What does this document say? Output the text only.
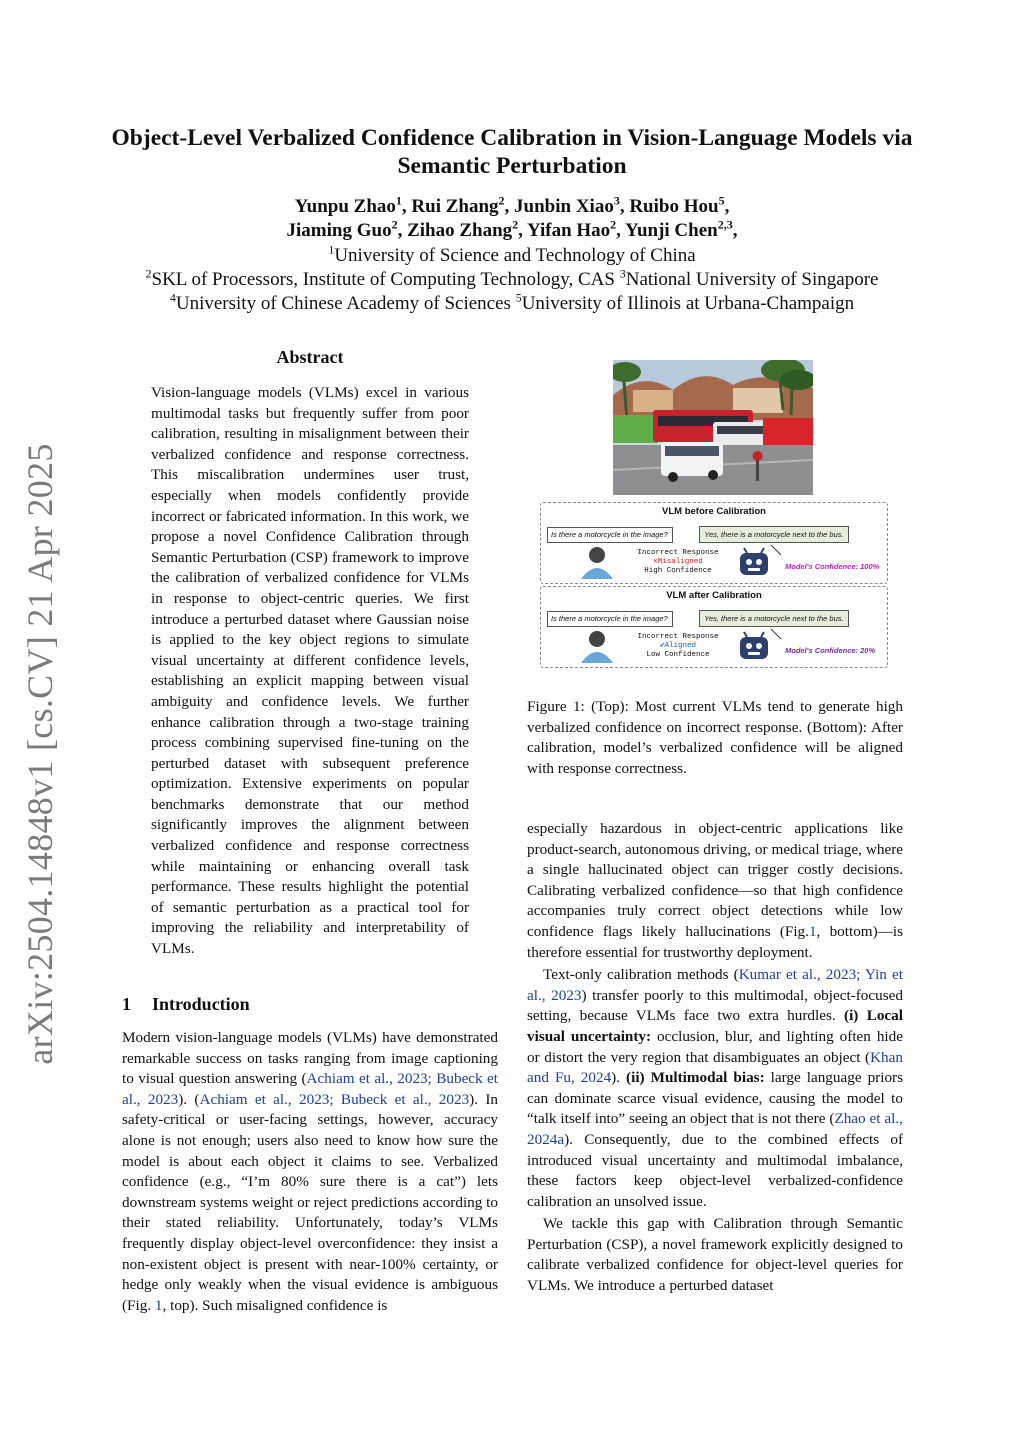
Object-Level Verbalized Confidence Calibration in Vision-Language Models via Semantic Perturbation
Yunpu Zhao$^1$, Rui Zhang$^2$, Junbin Xiao$^3$, Ruibo Hou$^5$,
Jiaming Guo$^2$, Zihao Zhang$^2$, Yifan Hao$^2$, Yunji Chen$^{2,3}$,
$^1$University of Science and Technology of China
$^2$SKL of Processors, Institute of Computing Technology, CAS $^3$National University of Singapore
$^4$University of Chinese Academy of Sciences $^5$University of Illinois at Urbana-Champaign
arXiv:2504.14848v1 [cs.CV] 21 Apr 2025
Abstract
Vision-language models (VLMs) excel in various multimodal tasks but frequently suffer from poor calibration, resulting in misalignment between their verbalized confidence and response correctness. This miscalibration undermines user trust, especially when models confidently provide incorrect or fabricated information. In this work, we propose a novel Confidence Calibration through Semantic Perturbation (CSP) framework to improve the calibration of verbalized confidence for VLMs in response to object-centric queries. We first introduce a perturbed dataset where Gaussian noise is applied to the key object regions to simulate visual uncertainty at different confidence levels, establishing an explicit mapping between visual ambiguity and confidence levels. We further enhance calibration through a two-stage training process combining supervised fine-tuning on the perturbed dataset with subsequent preference optimization. Extensive experiments on popular benchmarks demonstrate that our method significantly improves the alignment between verbalized confidence and response correctness while maintaining or enhancing overall task performance. These results highlight the potential of semantic perturbation as a practical tool for improving the reliability and interpretability of VLMs.
1 Introduction

Modern vision-language models (VLMs) have demonstrated remarkable success on tasks ranging from image captioning to visual question answering (Achiam et al., 2023; Bubeck et al., 2023). (Achiam et al., 2023; Bubeck et al., 2023). In safety-critical or user-facing settings, however, accuracy alone is not enough; users also need to know how sure the model is about each object it claims to see. Verbalized confidence (e.g., “I’m 80% sure there is a cat”) lets downstream systems weight or reject predictions according to their stated reliability. Unfortunately, today’s VLMs frequently display object-level overconfidence: they insist a non-existent object is present with near-100% certainty, or hedge only weakly when the visual evidence is ambiguous (Fig. 1, top). Such misaligned confidence is

especially hazardous in object-centric applications like product-search, autonomous driving, or medical triage, where a single hallucinated object can trigger costly decisions. Calibrating verbalized confidence—so that high confidence accompanies truly correct object detections while low confidence flags likely hallucinations (Fig.1, bottom)—is therefore essential for trustworthy deployment.

Text-only calibration methods (Kumar et al., 2023; Yin et al., 2023) transfer poorly to this multimodal, object-focused setting, because VLMs face two extra hurdles. (i) Local visual uncertainty: occlusion, blur, and lighting often hide or distort the very region that disambiguates an object (Khan and Fu, 2024). (ii) Multimodal bias: large language priors can dominate scarce visual evidence, causing the model to “talk itself into” seeing an object that is not there (Zhao et al., 2024a). Consequently, due to the combined effects of introduced visual uncertainty and multimodal imbalance, these factors keep object-level verbalized-confidence calibration an unsolved issue.

We tackle this gap with Calibration through Semantic Perturbation (CSP), a novel framework explicitly designed to calibrate verbalized confidence for object-level queries for VLMs. We introduce a perturbed dataset

VLM before Calibration
Is there a motorcycle in the image?	Yes, there is a motorcycle next to the bus.
Incorrect Response
✕Misaligned
High Confidence	Model's Confidence: 100%
VLM after Calibration
Is there a motorcycle in the image?	Yes, there is a motorcycle next to the bus.
Incorrect Response
✔Aligned
Low Confidence	Model's Confidence: 20%
Figure 1: (Top): Most current VLMs tend to generate high verbalized confidence on incorrect response. (Bottom): After calibration, model’s verbalized confidence will be aligned with response correctness.
